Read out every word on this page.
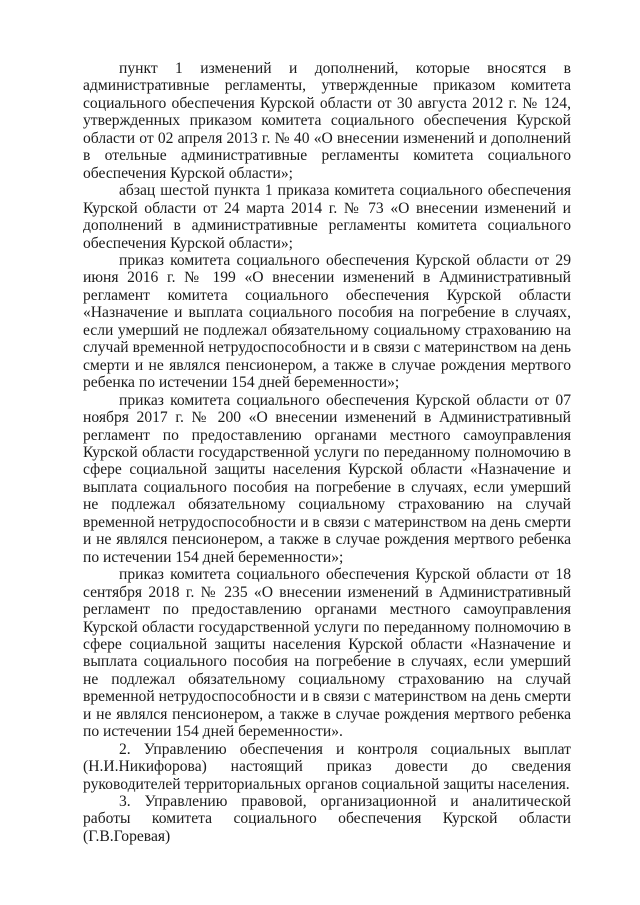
пункт 1 изменений и дополнений, которые вносятся в административные регламенты, утвержденные приказом комитета социального обеспечения Курской области от 30 августа 2012 г. № 124, утвержденных приказом комитета социального обеспечения Курской области от 02 апреля 2013 г. № 40 «О внесении изменений и дополнений в отельные административные регламенты комитета социального обеспечения Курской области»;

абзац шестой пункта 1 приказа комитета социального обеспечения Курской области от 24 марта 2014 г. № 73 «О внесении изменений и дополнений в административные регламенты комитета социального обеспечения Курской области»;

приказ комитета социального обеспечения Курской области от 29 июня 2016 г. № 199 «О внесении изменений в Административный регламент комитета социального обеспечения Курской области «Назначение и выплата социального пособия на погребение в случаях, если умерший не подлежал обязательному социальному страхованию на случай временной нетрудоспособности и в связи с материнством на день смерти и не являлся пенсионером, а также в случае рождения мертвого ребенка по истечении 154 дней беременности»;

приказ комитета социального обеспечения Курской области от 07 ноября 2017 г. № 200 «О внесении изменений в Административный регламент по предоставлению органами местного самоуправления Курской области государственной услуги по переданному полномочию в сфере социальной защиты населения Курской области «Назначение и выплата социального пособия на погребение в случаях, если умерший не подлежал обязательному социальному страхованию на случай временной нетрудоспособности и в связи с материнством на день смерти и не являлся пенсионером, а также в случае рождения мертвого ребенка по истечении 154 дней беременности»;

приказ комитета социального обеспечения Курской области от 18 сентября 2018 г. № 235 «О внесении изменений в Административный регламент по предоставлению органами местного самоуправления Курской области государственной услуги по переданному полномочию в сфере социальной защиты населения Курской области «Назначение и выплата социального пособия на погребение в случаях, если умерший не подлежал обязательному социальному страхованию на случай временной нетрудоспособности и в связи с материнством на день смерти и не являлся пенсионером, а также в случае рождения мертвого ребенка по истечении 154 дней беременности».

2. Управлению обеспечения и контроля социальных выплат (Н.И.Никифорова) настоящий приказ довести до сведения руководителей территориальных органов социальной защиты населения.

3. Управлению правовой, организационной и аналитической работы комитета социального обеспечения Курской области (Г.В.Горевая)
